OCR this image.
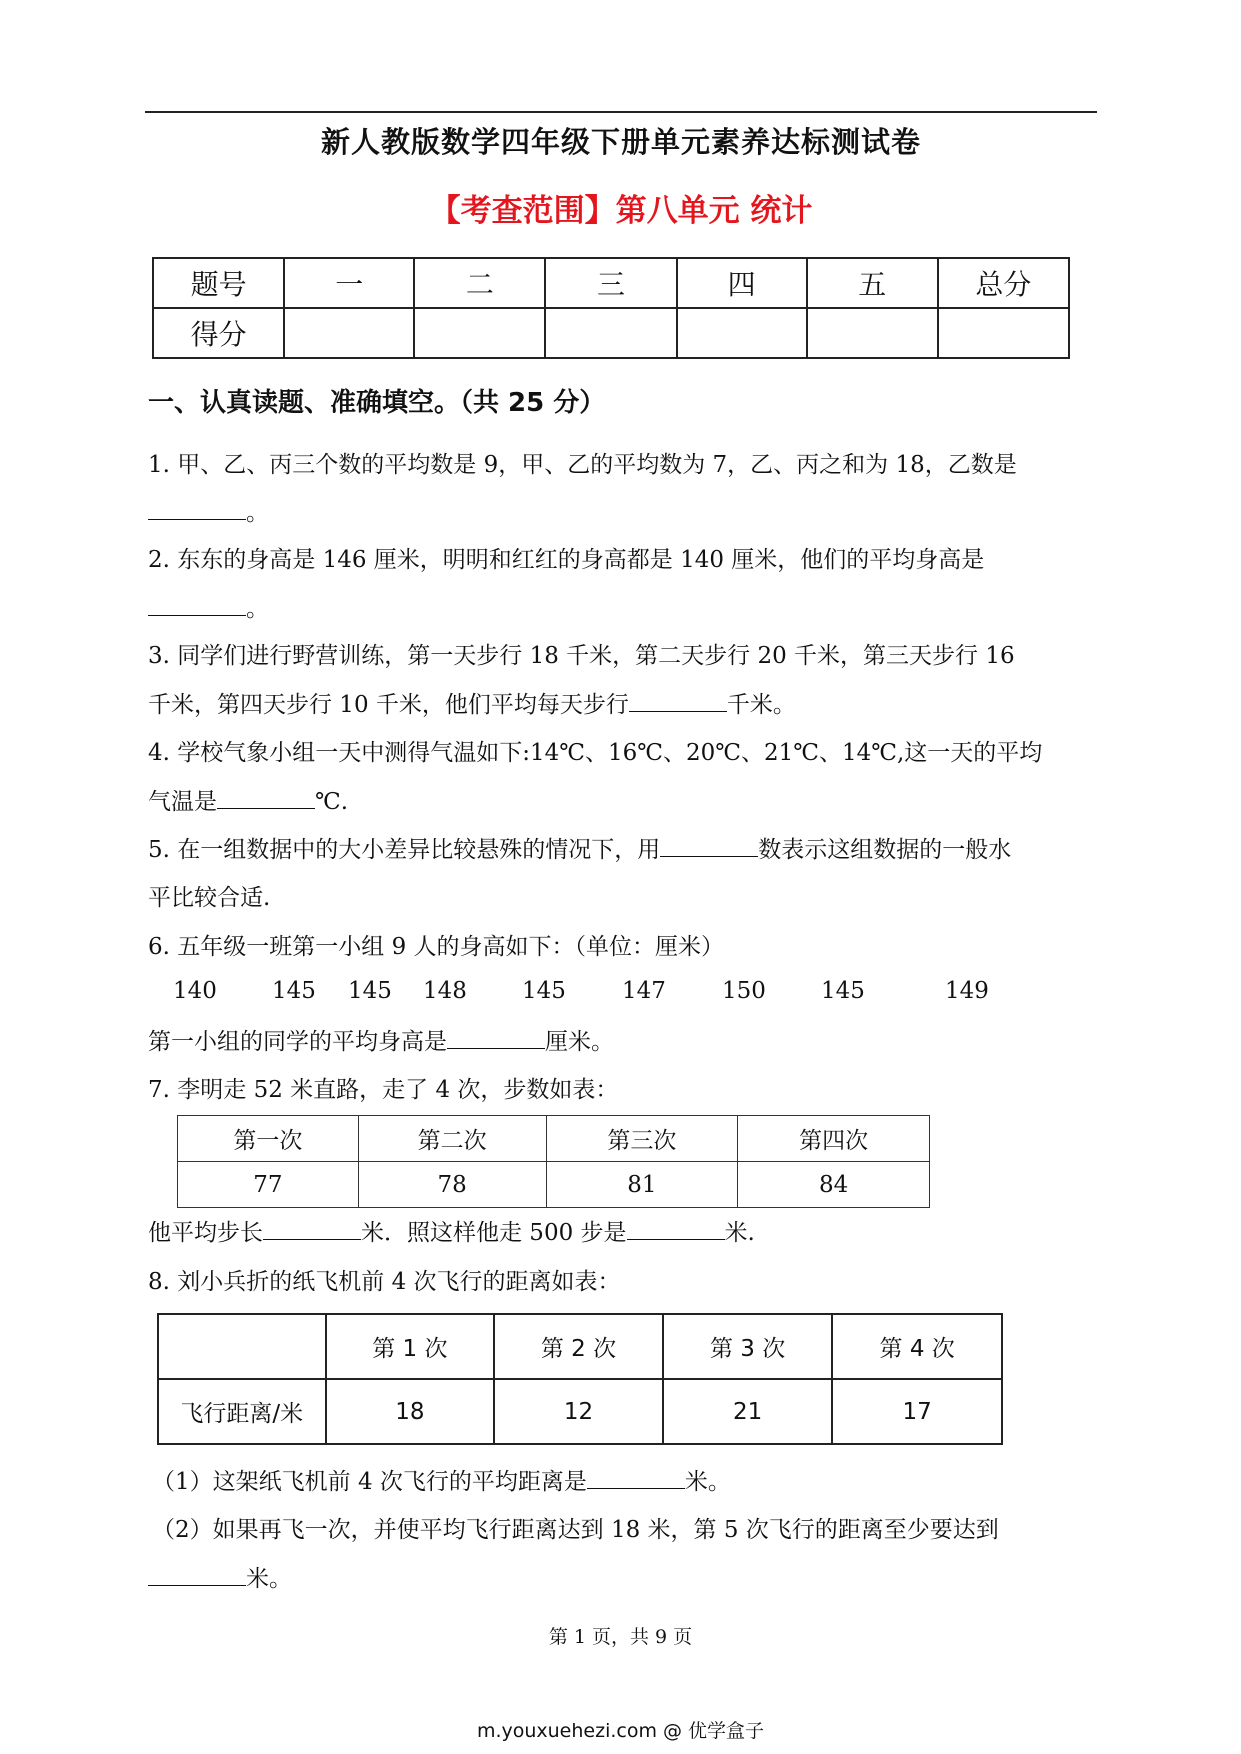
新人教版数学四年级下册单元素养达标测试卷
【考查范围】第八单元 统计
题号	一	二	三	四	五	总分
得分						
一、认真读题、准确填空。（共 25 分）
1. 甲、乙、丙三个数的平均数是 9，甲、乙的平均数为 7，乙、丙之和为 18，乙数是
。
2. 东东的身高是 146 厘米，明明和红红的身高都是 140 厘米，他们的平均身高是
。
3. 同学们进行野营训练，第一天步行 18 千米，第二天步行 20 千米，第三天步行 16
千米，第四天步行 10 千米，他们平均每天步行	千米。
4. 学校气象小组一天中测得气温如下:14℃、16℃、20℃、21℃、14℃,这一天的平均
气温是	℃.
5. 在一组数据中的大小差异比较悬殊的情况下，用	数表示这组数据的一般水
平比较合适.
6. 五年级一班第一小组 9 人的身高如下：（单位：厘米）
140 145 145 148 145 147 150 145	149
第一小组的同学的平均身高是	厘米。
7. 李明走 52 米直路，走了 4 次，步数如表：
第一次	第二次	第三次	第四次
77	78	81	84
他平均步长	米．照这样他走 500 步是	米.
8. 刘小兵折的纸飞机前 4 次飞行的距离如表：
	第 1 次	第 2 次	第 3 次	第 4 次
飞行距离/米	18	12	21	17
（1）这架纸飞机前 4 次飞行的平均距离是	米。
（2）如果再飞一次，并使平均飞行距离达到 18 米，第 5 次飞行的距离至少要达到
米。
第 1 页，共 9 页
m.youxuehezi.com @ 优学盒子
